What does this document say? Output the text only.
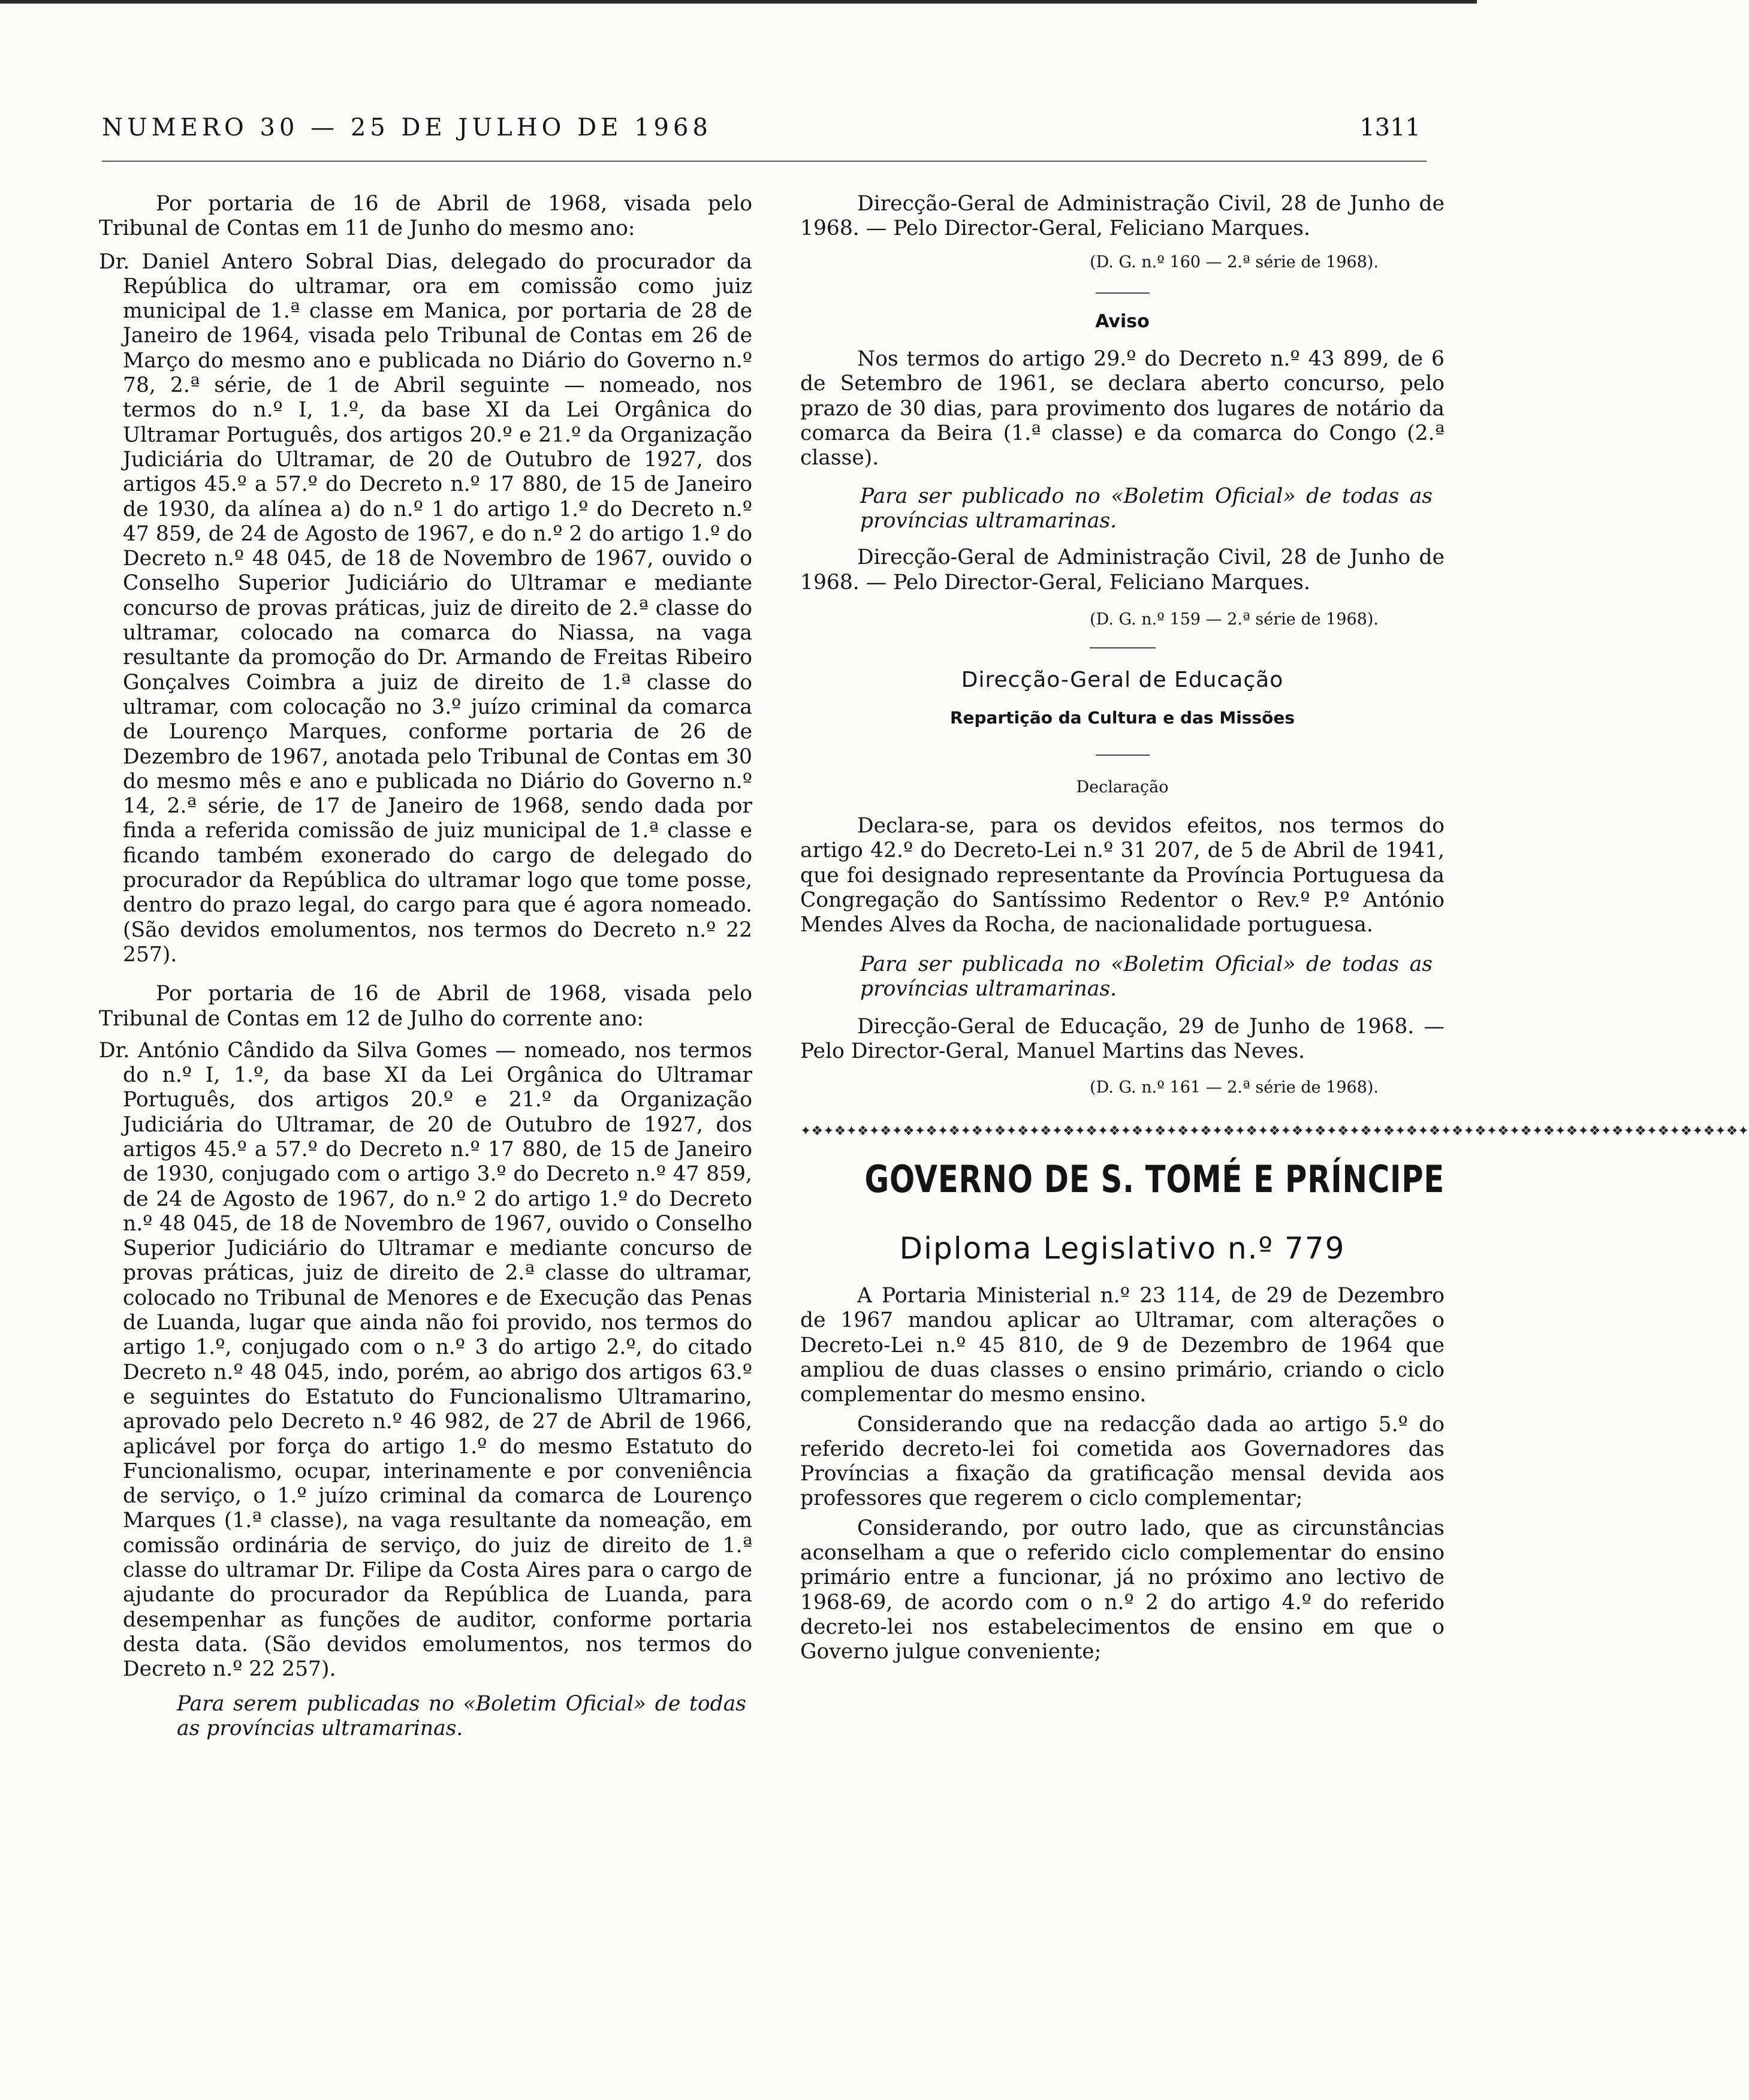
NUMERO 30 — 25 DE JULHO DE 1968	1311

Por portaria de 16 de Abril de 1968, visada pelo Tribunal de Contas em 11 de Junho do mesmo ano:

Dr. Daniel Antero Sobral Dias, delegado do procurador da República do ultramar, ora em comissão como juiz municipal de 1.ª classe em Manica, por portaria de 28 de Janeiro de 1964, visada pelo Tribunal de Contas em 26 de Março do mesmo ano e publicada no Diário do Governo n.º 78, 2.ª série, de 1 de Abril seguinte — nomeado, nos termos do n.º I, 1.º, da base XI da Lei Orgânica do Ultramar Português, dos artigos 20.º e 21.º da Organização Judiciária do Ultramar, de 20 de Outubro de 1927, dos artigos 45.º a 57.º do Decreto n.º 17 880, de 15 de Janeiro de 1930, da alínea a) do n.º 1 do artigo 1.º do Decreto n.º 47 859, de 24 de Agosto de 1967, e do n.º 2 do artigo 1.º do Decreto n.º 48 045, de 18 de Novembro de 1967, ouvido o Conselho Superior Judiciário do Ultramar e mediante concurso de provas práticas, juiz de direito de 2.ª classe do ultramar, colocado na comarca do Niassa, na vaga resultante da promoção do Dr. Armando de Freitas Ribeiro Gonçalves Coimbra a juiz de direito de 1.ª classe do ultramar, com colocação no 3.º juízo criminal da comarca de Lourenço Marques, conforme portaria de 26 de Dezembro de 1967, anotada pelo Tribunal de Contas em 30 do mesmo mês e ano e publicada no Diário do Governo n.º 14, 2.ª série, de 17 de Janeiro de 1968, sendo dada por finda a referida comissão de juiz municipal de 1.ª classe e ficando também exonerado do cargo de delegado do procurador da República do ultramar logo que tome posse, dentro do prazo legal, do cargo para que é agora nomeado. (São devidos emolumentos, nos termos do Decreto n.º 22 257).

Por portaria de 16 de Abril de 1968, visada pelo Tribunal de Contas em 12 de Julho do corrente ano:

Dr. António Cândido da Silva Gomes — nomeado, nos termos do n.º I, 1.º, da base XI da Lei Orgânica do Ultramar Português, dos artigos 20.º e 21.º da Organização Judiciária do Ultramar, de 20 de Outubro de 1927, dos artigos 45.º a 57.º do Decreto n.º 17 880, de 15 de Janeiro de 1930, conjugado com o artigo 3.º do Decreto n.º 47 859, de 24 de Agosto de 1967, do n.º 2 do artigo 1.º do Decreto n.º 48 045, de 18 de Novembro de 1967, ouvido o Conselho Superior Judiciário do Ultramar e mediante concurso de provas práticas, juiz de direito de 2.ª classe do ultramar, colocado no Tribunal de Menores e de Execução das Penas de Luanda, lugar que ainda não foi provido, nos termos do artigo 1.º, conjugado com o n.º 3 do artigo 2.º, do citado Decreto n.º 48 045, indo, porém, ao abrigo dos artigos 63.º e seguintes do Estatuto do Funcionalismo Ultramarino, aprovado pelo Decreto n.º 46 982, de 27 de Abril de 1966, aplicável por força do artigo 1.º do mesmo Estatuto do Funcionalismo, ocupar, interinamente e por conveniência de serviço, o 1.º juízo criminal da comarca de Lourenço Marques (1.ª classe), na vaga resultante da nomeação, em comissão ordinária de serviço, do juiz de direito de 1.ª classe do ultramar Dr. Filipe da Costa Aires para o cargo de ajudante do procurador da República de Luanda, para desempenhar as funções de auditor, conforme portaria desta data. (São devidos emolumentos, nos termos do Decreto n.º 22 257).

Para serem publicadas no «Boletim Oficial» de todas as províncias ultramarinas.

Direcção-Geral de Administração Civil, 28 de Junho de 1968. — Pelo Director-Geral, Feliciano Marques.

(D. G. n.º 160 — 2.ª série de 1968).

Aviso

Nos termos do artigo 29.º do Decreto n.º 43 899, de 6 de Setembro de 1961, se declara aberto concurso, pelo prazo de 30 dias, para provimento dos lugares de notário da comarca da Beira (1.ª classe) e da comarca do Congo (2.ª classe).

Para ser publicado no «Boletim Oficial» de todas as províncias ultramarinas.

Direcção-Geral de Administração Civil, 28 de Junho de 1968. — Pelo Director-Geral, Feliciano Marques.

(D. G. n.º 159 — 2.ª série de 1968).

Direcção-Geral de Educação

Repartição da Cultura e das Missões

Declaração

Declara-se, para os devidos efeitos, nos termos do artigo 42.º do Decreto-Lei n.º 31 207, de 5 de Abril de 1941, que foi designado representante da Província Portuguesa da Congregação do Santíssimo Redentor o Rev.º P.º António Mendes Alves da Rocha, de nacionalidade portuguesa.

Para ser publicada no «Boletim Oficial» de todas as províncias ultramarinas.

Direcção-Geral de Educação, 29 de Junho de 1968. — Pelo Director-Geral, Manuel Martins das Neves.

(D. G. n.º 161 — 2.ª série de 1968).

✦❖✦❖✦❖✦❖✦❖✦❖✦❖✦❖✦❖✦❖✦❖✦❖✦❖✦❖✦❖✦❖✦❖✦❖✦❖✦❖✦❖✦❖✦❖✦❖✦❖✦❖✦❖✦❖✦❖✦❖✦❖✦❖✦❖✦❖✦❖✦❖✦❖✦❖✦❖✦❖✦❖✦
GOVERNO DE S. TOMÉ E PRÍNCIPE
Diploma Legislativo n.º 779

A Portaria Ministerial n.º 23 114, de 29 de Dezembro de 1967 mandou aplicar ao Ultramar, com alterações o Decreto-Lei n.º 45 810, de 9 de Dezembro de 1964 que ampliou de duas classes o ensino primário, criando o ciclo complementar do mesmo ensino.

Considerando que na redacção dada ao artigo 5.º do referido decreto-lei foi cometida aos Governadores das Províncias a fixação da gratificação mensal devida aos professores que regerem o ciclo complementar;

Considerando, por outro lado, que as circunstâncias aconselham a que o referido ciclo complementar do ensino primário entre a funcionar, já no próximo ano lectivo de 1968-69, de acordo com o n.º 2 do artigo 4.º do referido decreto-lei nos estabelecimentos de ensino em que o Governo julgue conveniente;
